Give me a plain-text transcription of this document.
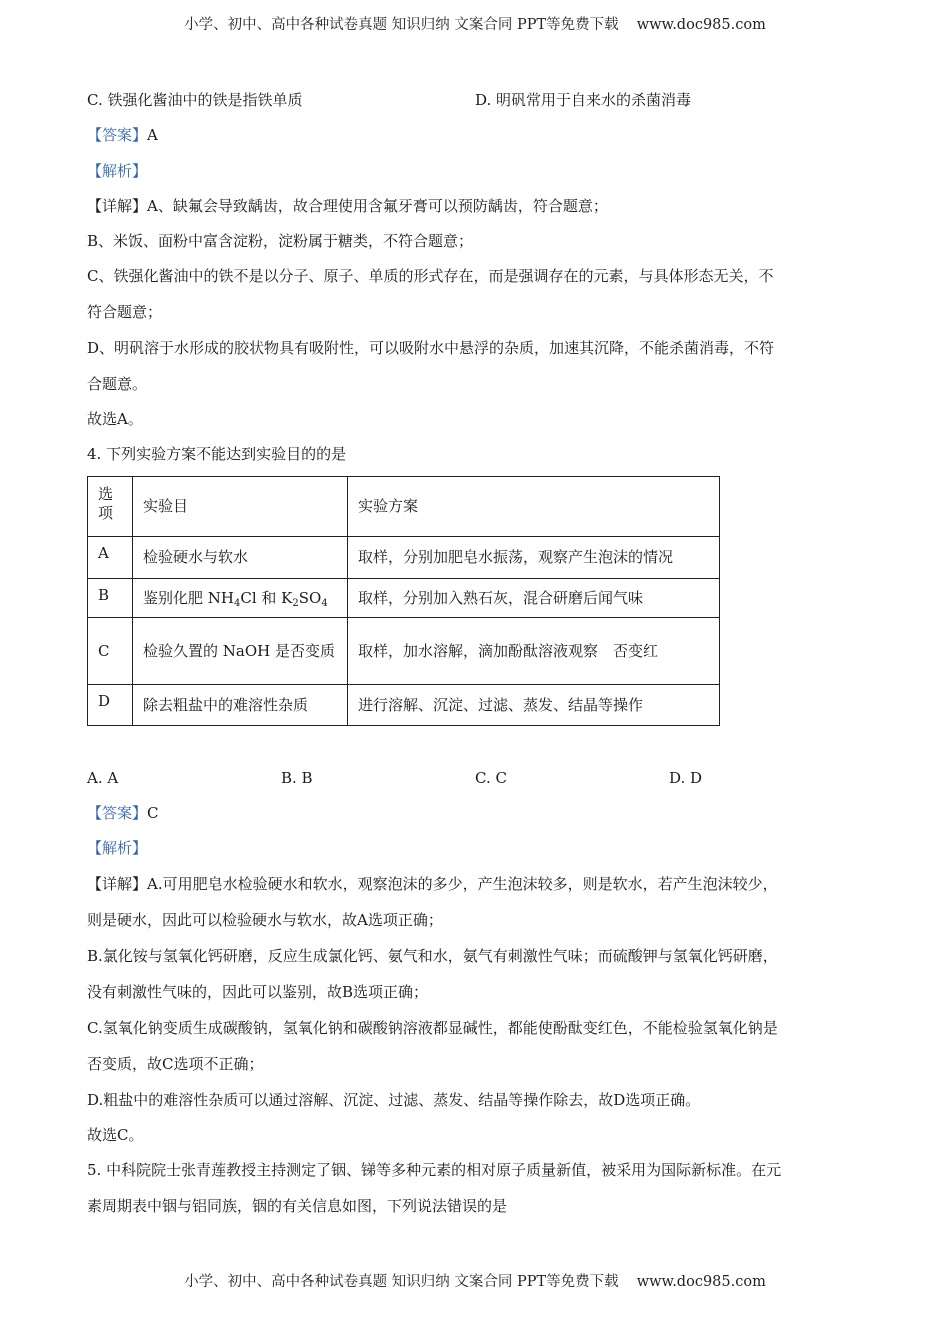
小学、初中、高中各种试卷真题 知识归纳 文案合同 PPT等免费下载 www.doc985.com
C. 铁强化酱油中的铁是指铁单质	D. 明矾常用于自来水的杀菌消毒
【答案】A
【解析】
【详解】A、缺氟会导致龋齿，故合理使用含氟牙膏可以预防龋齿，符合题意；
B、米饭、面粉中富含淀粉，淀粉属于糖类，不符合题意；
C、铁强化酱油中的铁不是以分子、原子、单质的形式存在，而是强调存在的元素，与具体形态无关，不
符合题意；
D、明矾溶于水形成的胶状物具有吸附性，可以吸附水中悬浮的杂质，加速其沉降，不能杀菌消毒，不符
合题意。
故选A。
4. 下列实验方案不能达到实验目的的是
选项	实验目	实验方案
A	检验硬水与软水	取样，分别加肥皂水振荡，观察产生泡沫的情况
B	鉴别化肥 $NH_4Cl$ 和 $K_2SO_4$	取样，分别加入熟石灰，混合研磨后闻气味
C	检验久置的 NaOH 是否变质	取样，加水溶解，滴加酚酞溶液观察　否变红
D	除去粗盐中的难溶性杂质	进行溶解、沉淀、过滤、蒸发、结晶等操作
A. A	B. B	C. C	D. D
【答案】C
【解析】
【详解】A.可用肥皂水检验硬水和软水，观察泡沫的多少，产生泡沫较多，则是软水，若产生泡沫较少，
则是硬水，因此可以检验硬水与软水，故A选项正确；
B.氯化铵与氢氧化钙研磨，反应生成氯化钙、氨气和水，氨气有刺激性气味；而硫酸钾与氢氧化钙研磨，
没有刺激性气味的，因此可以鉴别，故B选项正确；
C.氢氧化钠变质生成碳酸钠，氢氧化钠和碳酸钠溶液都显碱性，都能使酚酞变红色，不能检验氢氧化钠是
否变质，故C选项不正确；
D.粗盐中的难溶性杂质可以通过溶解、沉淀、过滤、蒸发、结晶等操作除去，故D选项正确。
故选C。
5. 中科院院士张青莲教授主持测定了铟、锑等多种元素的相对原子质量新值，被采用为国际新标准。在元
素周期表中铟与铝同族，铟的有关信息如图，下列说法错误的是
小学、初中、高中各种试卷真题 知识归纳 文案合同 PPT等免费下载 www.doc985.com
